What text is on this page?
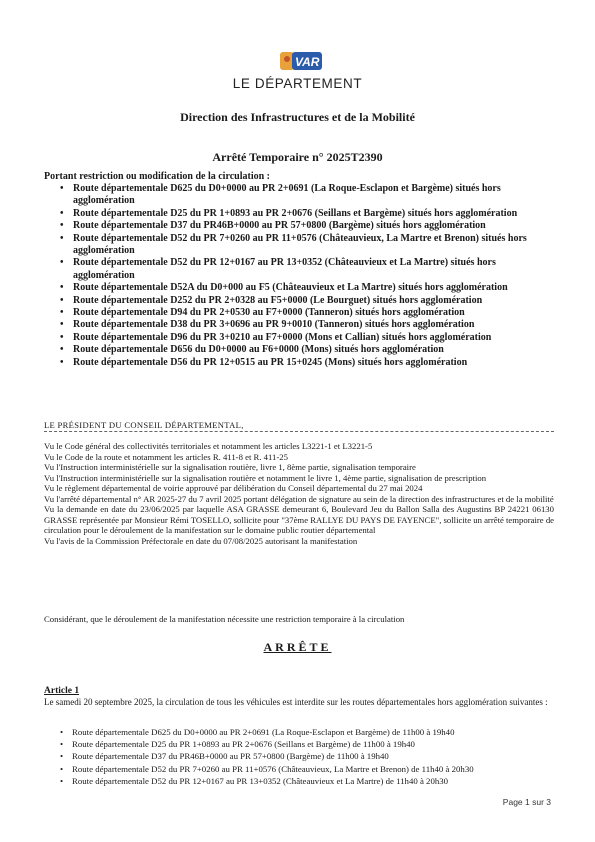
VAR
LE DÉPARTEMENT
Direction des Infrastructures et de la Mobilité
Arrêté Temporaire n° 2025T2390
Portant restriction ou modification de la circulation :
• Route départementale D625 du D0+0000 au PR 2+0691 (La Roque-Esclapon et Bargème) situés hors agglomération
• Route départementale D25 du PR 1+0893 au PR 2+0676 (Seillans et Bargème) situés hors agglomération
• Route départementale D37 du PR46B+0000 au PR 57+0800 (Bargème) situés hors agglomération
• Route départementale D52 du PR 7+0260 au PR 11+0576 (Châteauvieux, La Martre et Brenon) situés hors agglomération
• Route départementale D52 du PR 12+0167 au PR 13+0352 (Châteauvieux et La Martre) situés hors agglomération
• Route départementale D52A du D0+000 au F5 (Châteauvieux et La Martre) situés hors agglomération
• Route départementale D252 du PR 2+0328 au F5+0000 (Le Bourguet) situés hors agglomération
• Route départementale D94 du PR 2+0530 au F7+0000 (Tanneron) situés hors agglomération
• Route départementale D38 du PR 3+0696 au PR 9+0010 (Tanneron) situés hors agglomération
• Route départementale D96 du PR 3+0210 au F7+0000 (Mons et Callian) situés hors agglomération
• Route départementale D656 du D0+0000 au F6+0000 (Mons) situés hors agglomération
• Route départementale D56 du PR 12+0515 au PR 15+0245 (Mons) situés hors agglomération
LE PRÉSIDENT DU CONSEIL DÉPARTEMENTAL,

Vu le Code général des collectivités territoriales et notamment les articles L3221-1 et L3221-5

Vu le Code de la route et notamment les articles R. 411-8 et R. 411-25

Vu l'Instruction interministérielle sur la signalisation routière, livre 1, 8ème partie, signalisation temporaire

Vu l'Instruction interministérielle sur la signalisation routière et notamment le livre 1, 4ème partie, signalisation de prescription

Vu le règlement départemental de voirie approuvé par délibération du Conseil départemental du 27 mai 2024

Vu l'arrêté départemental n° AR 2025-27 du 7 avril 2025 portant délégation de signature au sein de la direction des infrastructures et de la mobilité

Vu la demande en date du 23/06/2025 par laquelle ASA GRASSE demeurant 6, Boulevard Jeu du Ballon Salla des Augustins BP 24221 06130 GRASSE représentée par Monsieur Rémi TOSELLO, sollicite pour "37ème RALLYE DU PAYS DE FAYENCE", sollicite un arrêté temporaire de circulation pour le déroulement de la manifestation sur le domaine public routier départemental

Vu l'avis de la Commission Préfectorale en date du 07/08/2025 autorisant la manifestation

Considérant, que le déroulement de la manifestation nécessite une restriction temporaire à la circulation
ARRÊTE
Article 1
Le samedi 20 septembre 2025, la circulation de tous les véhicules est interdite sur les routes départementales hors agglomération suivantes :
• Route départementale D625 du D0+0000 au PR 2+0691 (La Roque-Esclapon et Bargème) de 11h00 à 19h40
• Route départementale D25 du PR 1+0893 au PR 2+0676 (Seillans et Bargème) de 11h00 à 19h40
• Route départementale D37 du PR46B+0000 au PR 57+0800 (Bargème) de 11h00 à 19h40
• Route départementale D52 du PR 7+0260 au PR 11+0576 (Châteauvieux, La Martre et Brenon) de 11h40 à 20h30
• Route départementale D52 du PR 12+0167 au PR 13+0352 (Châteauvieux et La Martre) de 11h40 à 20h30
Page 1 sur 3
